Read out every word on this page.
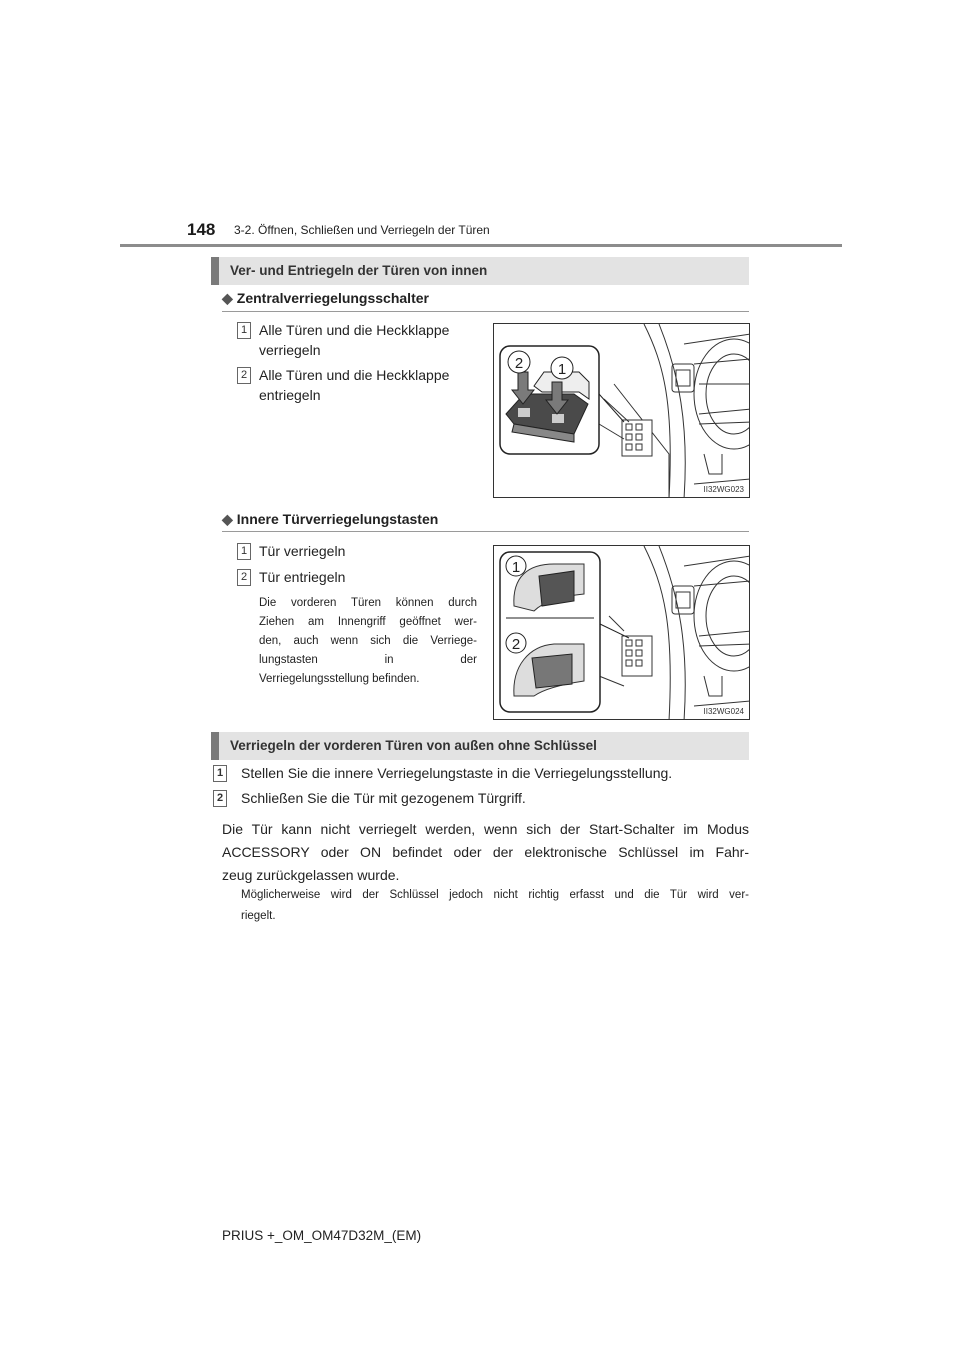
148 3-2. Öffnen, Schließen und Verriegeln der Türen
Ver- und Entriegeln der Türen von innen
◆ Zentralverriegelungsschalter
1 Alle Türen und die Heckklappe
verriegeln
2 Alle Türen und die Heckklappe
entriegeln
2 1
II32WG023
◆ Innere Türverriegelungstasten
1 Tür verriegeln
2 Tür entriegeln
Die vorderen Türen können durch
Ziehen am Innengriff geöffnet wer-
den, auch wenn sich die Verriege-
lungstasten in der
Verriegelungsstellung befinden.
1
2
II32WG024
Verriegeln der vorderen Türen von außen ohne Schlüssel
1 Stellen Sie die innere Verriegelungstaste in die Verriegelungsstellung.
2 Schließen Sie die Tür mit gezogenem Türgriff.
Die Tür kann nicht verriegelt werden, wenn sich der Start-Schalter im Modus
ACCESSORY oder ON befindet oder der elektronische Schlüssel im Fahr-
zeug zurückgelassen wurde.
Möglicherweise wird der Schlüssel jedoch nicht richtig erfasst und die Tür wird ver-
riegelt.
PRIUS +_OM_OM47D32M_(EM)
